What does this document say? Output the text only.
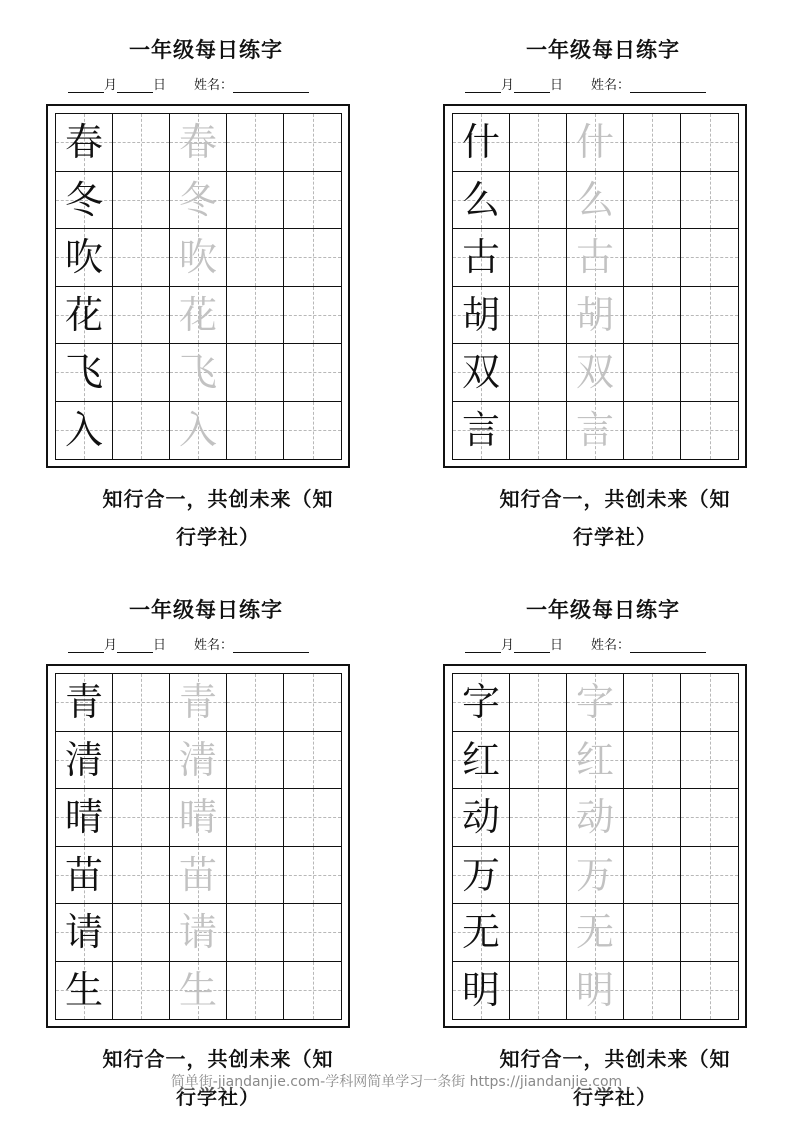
一年级每日练字
月	日 姓名：
春 春
冬 冬
吹 吹
花 花
飞 飞
入 入
知行合一，共创未来（知
行学社）
一年级每日练字
月	日 姓名：
什 什
么 么
古 古
胡 胡
双 双
言 言
知行合一，共创未来（知
行学社）
一年级每日练字
月	日 姓名：
青 青
清 清
晴 晴
苗 苗
请 请
生 生
知行合一，共创未来（知
行学社）
一年级每日练字
月	日 姓名：
字 字
红 红
动 动
万 万
无 无
明 明
知行合一，共创未来（知
行学社）
简单街-jiandanjie.com-学科网简单学习一条街 https://jiandanjie.com
